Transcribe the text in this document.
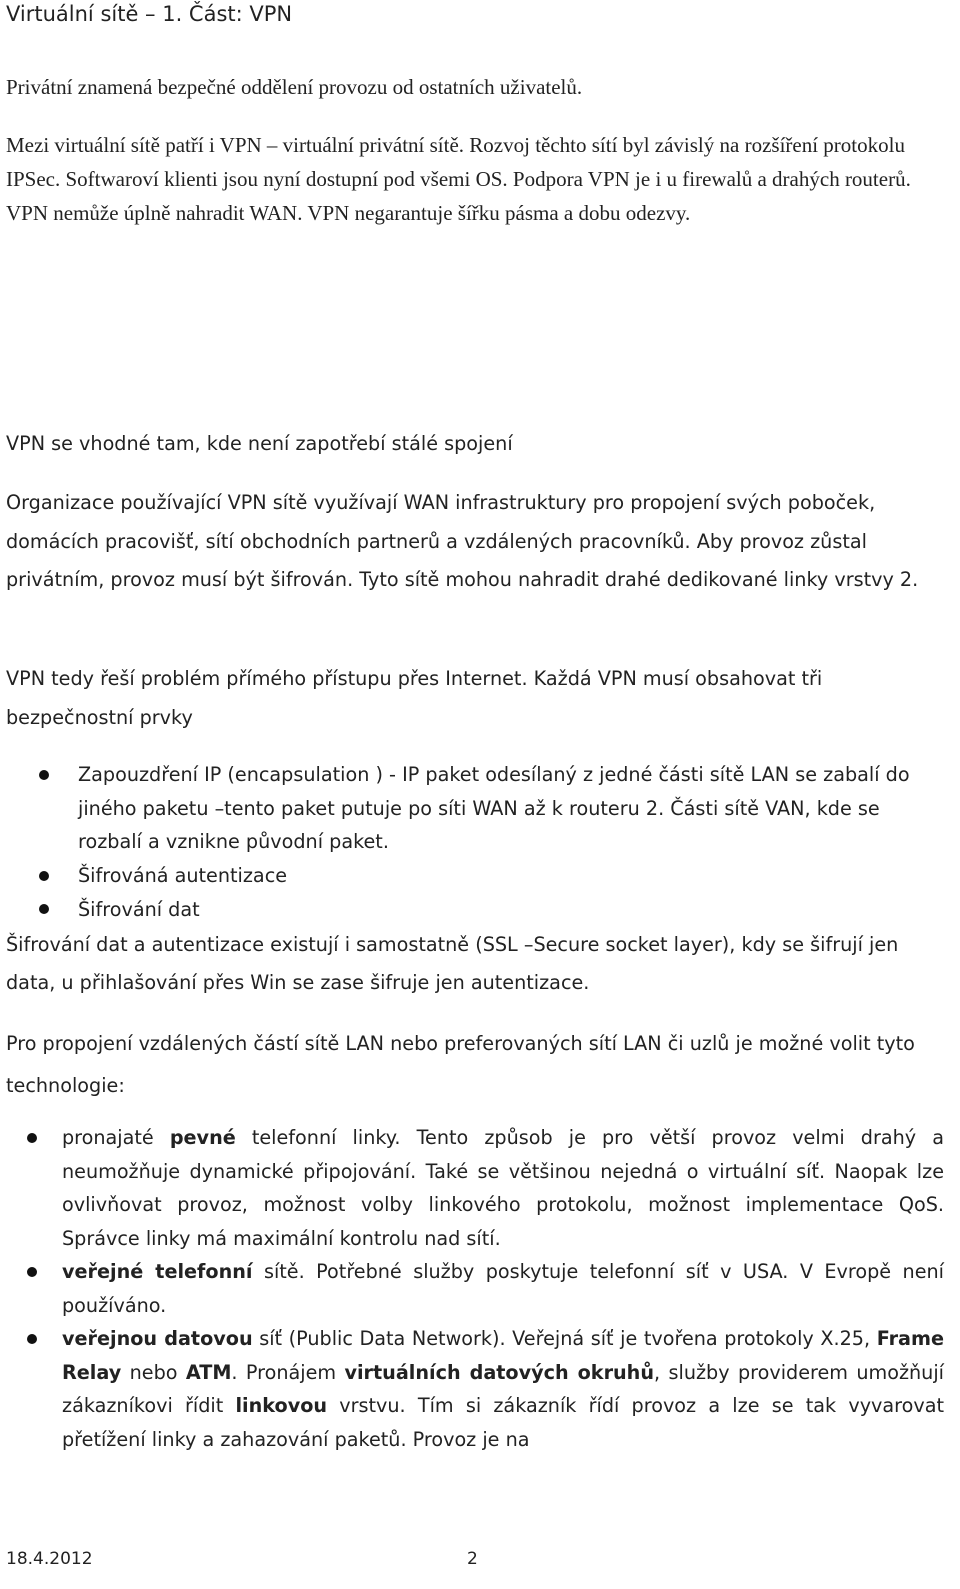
Virtuální sítě – 1. Část: VPN

Privátní znamená bezpečné oddělení provozu od ostatních uživatelů.

Mezi virtuální sítě patří i VPN – virtuální privátní sítě. Rozvoj těchto sítí byl závislý na rozšíření protokolu IPSec. Softwaroví klienti jsou nyní dostupní pod všemi OS. Podpora VPN je i u firewalů a drahých routerů. VPN nemůže úplně nahradit WAN. VPN negarantuje šířku pásma a dobu odezvy.

VPN se vhodné tam, kde není zapotřebí stálé spojení

Organizace používající VPN sítě využívají WAN infrastruktury pro propojení svých poboček, domácích pracovišť, sítí obchodních partnerů a vzdálených pracovníků. Aby provoz zůstal privátním, provoz musí být šifrován. Tyto sítě mohou nahradit drahé dedikované linky vrstvy 2.

VPN tedy řeší problém přímého přístupu přes Internet. Každá VPN musí obsahovat tři bezpečnostní prvky

Zapouzdření IP (encapsulation ) - IP paket odesílaný z jedné části sítě LAN se zabalí do jiného paketu –tento paket putuje po síti WAN až k routeru 2. Části sítě VAN, kde se rozbalí a vznikne původní paket.
Šifrováná autentizace
Šifrování dat

Šifrování dat a autentizace existují i samostatně (SSL –Secure socket layer), kdy se šifrují jen data, u přihlašování přes Win se zase šifruje jen autentizace.

Pro propojení vzdálených částí sítě LAN nebo preferovaných sítí LAN či uzlů je možné volit tyto technologie:

pronajaté pevné telefonní linky. Tento způsob je pro větší provoz velmi drahý a neumožňuje dynamické připojování. Také se většinou nejedná o virtuální síť. Naopak lze ovlivňovat provoz, možnost volby linkového protokolu, možnost implementace QoS. Správce linky má maximální kontrolu nad sítí.
veřejné telefonní sítě. Potřebné služby poskytuje telefonní síť v USA. V Evropě není používáno.
veřejnou datovou síť (Public Data Network). Veřejná síť je tvořena protokoly X.25, Frame Relay nebo ATM. Pronájem virtuálních datových okruhů, služby providerem umožňují zákazníkovi řídit linkovou vrstvu. Tím si zákazník řídí provoz a lze se tak vyvarovat přetížení linky a zahazování paketů. Provoz je na
18.4.2012	2
